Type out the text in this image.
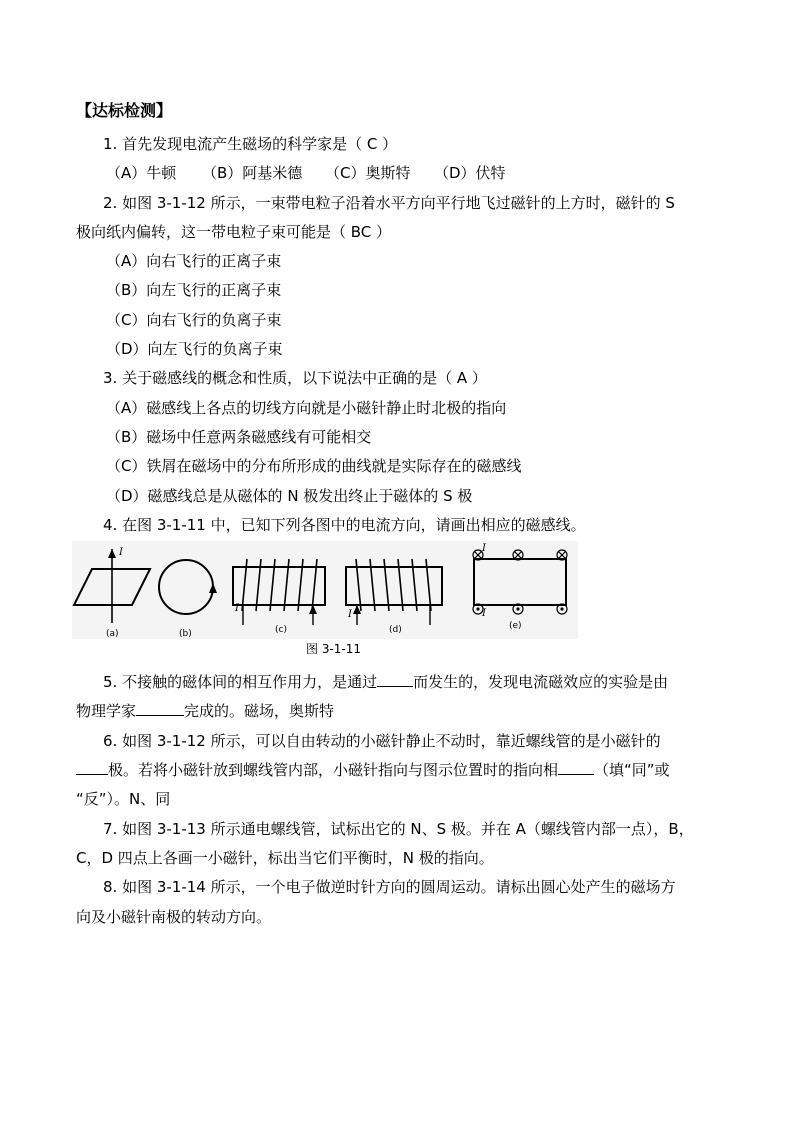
【达标检测】
1. 首先发现电流产生磁场的科学家是（ C ）
（A）牛顿 （B）阿基米德 （C）奥斯特 （D）伏特
2. 如图 3-1-12 所示，一束带电粒子沿着水平方向平行地飞过磁针的上方时，磁针的 S
极向纸内偏转，这一带电粒子束可能是（ BC ）
（A）向右飞行的正离子束
（B）向左飞行的正离子束
（C）向右飞行的负离子束
（D）向左飞行的负离子束
3. 关于磁感线的概念和性质，以下说法中正确的是（ A ）
（A）磁感线上各点的切线方向就是小磁针静止时北极的指向
（B）磁场中任意两条磁感线有可能相交
（C）铁屑在磁场中的分布所形成的曲线就是实际存在的磁感线
（D）磁感线总是从磁体的 N 极发出终止于磁体的 S 极
4. 在图 3-1-11 中，已知下列各图中的电流方向，请画出相应的磁感线。
I
I
I
I
I
(a)	(b)	(c)	(d)	(e)
图 3-1-11
5. 不接触的磁体间的相互作用力，是通过 而发生的，发现电流磁效应的实验是由
物理学家	完成的。磁场，奥斯特
6. 如图 3-1-12 所示，可以自由转动的小磁针静止不动时，靠近螺线管的是小磁针的
极。若将小磁针放到螺线管内部，小磁针指向与图示位置时的指向相 （填“同”或
“反”）。N、同
7. 如图 3-1-13 所示通电螺线管，试标出它的 N、S 极。并在 A（螺线管内部一点），B，
C，D 四点上各画一小磁针，标出当它们平衡时，N 极的指向。
8. 如图 3-1-14 所示，一个电子做逆时针方向的圆周运动。请标出圆心处产生的磁场方
向及小磁针南极的转动方向。
